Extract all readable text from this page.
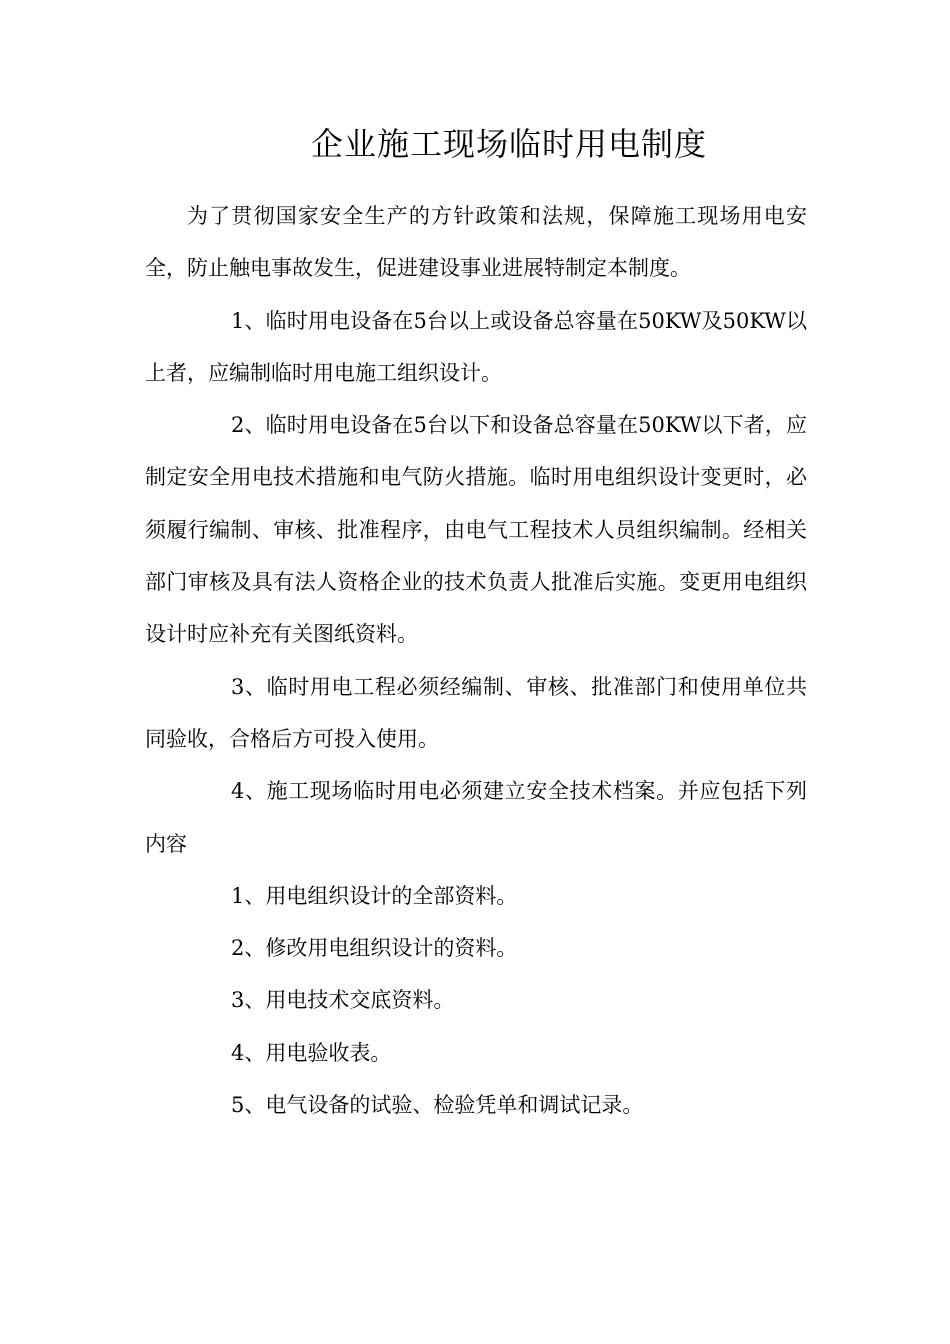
企业施工现场临时用电制度

为了贯彻国家安全生产的方针政策和法规，保障施工现场用电安全，防止触电事故发生，促进建设事业进展特制定本制度。

1、临时用电设备在5台以上或设备总容量在50KW及50KW以上者，应编制临时用电施工组织设计。

2、临时用电设备在5台以下和设备总容量在50KW以下者，应制定安全用电技术措施和电气防火措施。临时用电组织设计变更时，必须履行编制、审核、批准程序，由电气工程技术人员组织编制。经相关部门审核及具有法人资格企业的技术负责人批准后实施。变更用电组织设计时应补充有关图纸资料。

3、临时用电工程必须经编制、审核、批准部门和使用单位共同验收，合格后方可投入使用。

4、施工现场临时用电必须建立安全技术档案。并应包括下列内容

1、用电组织设计的全部资料。
2、修改用电组织设计的资料。
3、用电技术交底资料。
4、用电验收表。
5、电气设备的试验、检验凭单和调试记录。
